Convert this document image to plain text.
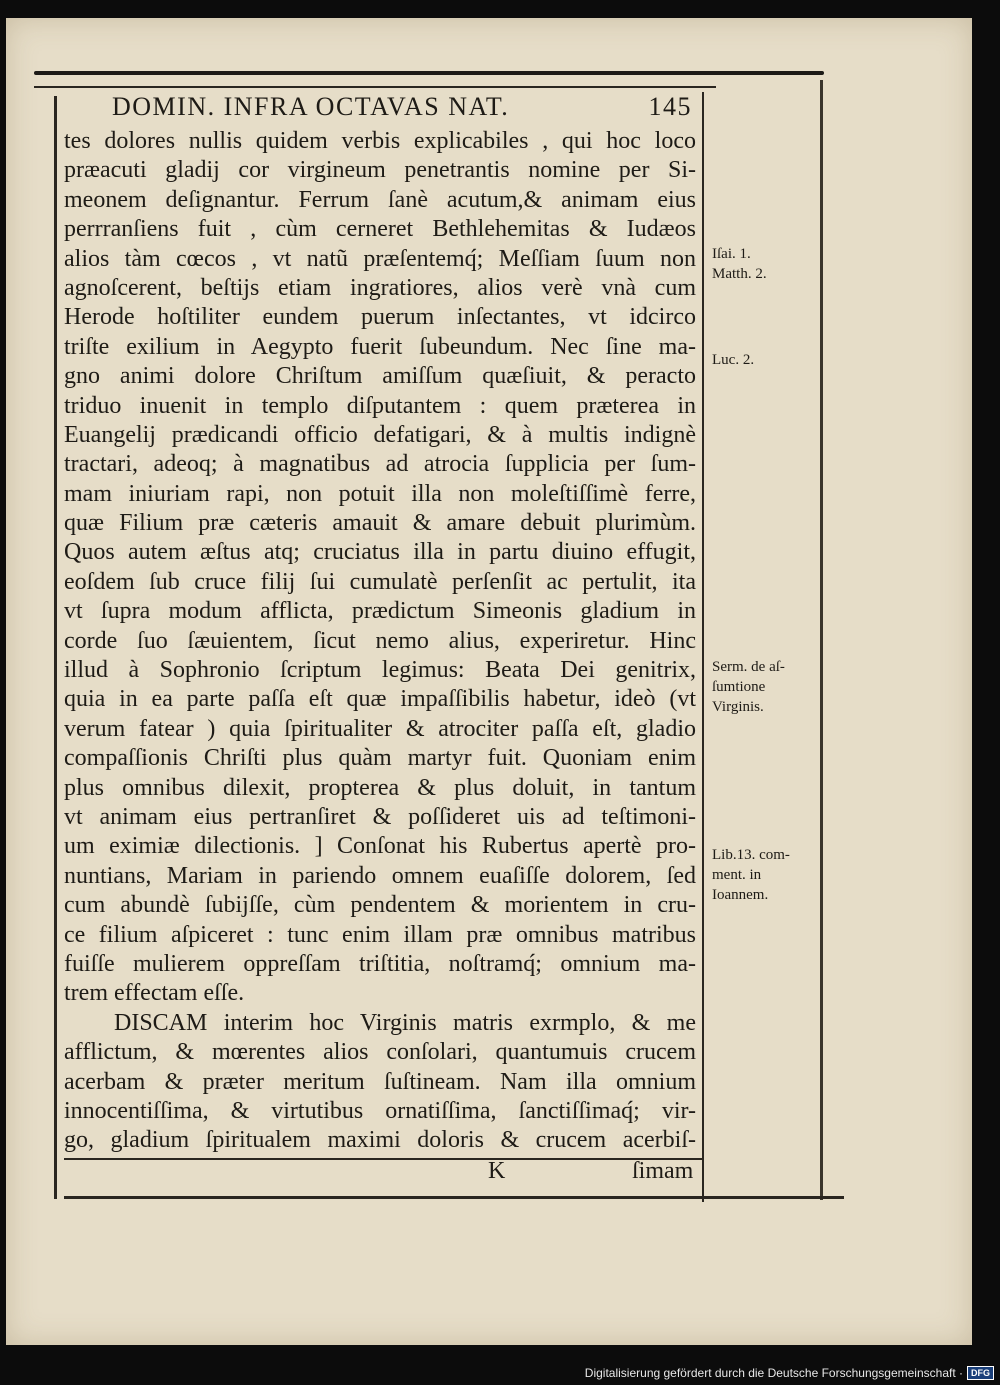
DOMIN. INFRA OCTAVAS NAT.	145
tes dolores nullis quidem verbis explicabiles , qui hoc loco
præacuti gladij cor virgineum penetrantis nomine per Si-
meonem deſignantur. Ferrum ſanè acutum,& animam eius
perrranſiens fuit , cùm cerneret Bethlehemitas & Iudæos
alios tàm cœcos , vt natũ præſentemq́; Meſſiam ſuum non
agnoſcerent, beſtijs etiam ingratiores, alios verè vnà cum
Herode hoſtiliter eundem puerum inſectantes, vt idcirco
triſte exilium in Aegypto fuerit ſubeundum. Nec ſine ma-
gno animi dolore Chriſtum amiſſum quæſiuit, & peracto
triduo inuenit in templo diſputantem : quem præterea in
Euangelij prædicandi officio defatigari, & à multis indignè
tractari, adeoq; à magnatibus ad atrocia ſupplicia per ſum-
mam iniuriam rapi, non potuit illa non moleſtiſſimè ferre,
quæ Filium præ cæteris amauit & amare debuit plurimùm.
Quos autem æſtus atq; cruciatus illa in partu diuino effugit,
eoſdem ſub cruce filij ſui cumulatè perſenſit ac pertulit, ita
vt ſupra modum afflicta, prædictum Simeonis gladium in
corde ſuo ſæuientem, ſicut nemo alius, experiretur. Hinc
illud à Sophronio ſcriptum legimus: Beata Dei genitrix,
quia in ea parte paſſa eſt quæ impaſſibilis habetur, ideò (vt
verum fatear ) quia ſpiritualiter & atrociter paſſa eſt, gladio
compaſſionis Chriſti plus quàm martyr fuit. Quoniam enim
plus omnibus dilexit, propterea & plus doluit, in tantum
vt animam eius pertranſiret & poſſideret uis ad teſtimoni-
um eximiæ dilectionis. ] Conſonat his Rubertus apertè pro-
nuntians, Mariam in pariendo omnem euaſiſſe dolorem, ſed
cum abundè ſubijſſe, cùm pendentem & morientem in cru-
ce filium aſpiceret : tunc enim illam præ omnibus matribus
fuiſſe mulierem oppreſſam triſtitia, noſtramq́; omnium ma-
trem effectam eſſe.
DISCAM interim hoc Virginis matris exrmplo, & me
afflictum, & mœrentes alios conſolari, quantumuis crucem
acerbam & præter meritum ſuſtineam. Nam illa omnium
innocentiſſima, & virtutibus ornatiſſima, ſanctiſſimaq́; vir-
go, gladium ſpiritualem maximi doloris & crucem acerbiſ-
Iſai. 1.
Matth. 2.
Luc. 2.
Serm. de aſ-
ſumtione
Virginis.
Lib.13. com-
ment. in
Ioannem.
K	ſimam
Digitalisierung gefördert durch die Deutsche Forschungsgemeinschaft · DFG
